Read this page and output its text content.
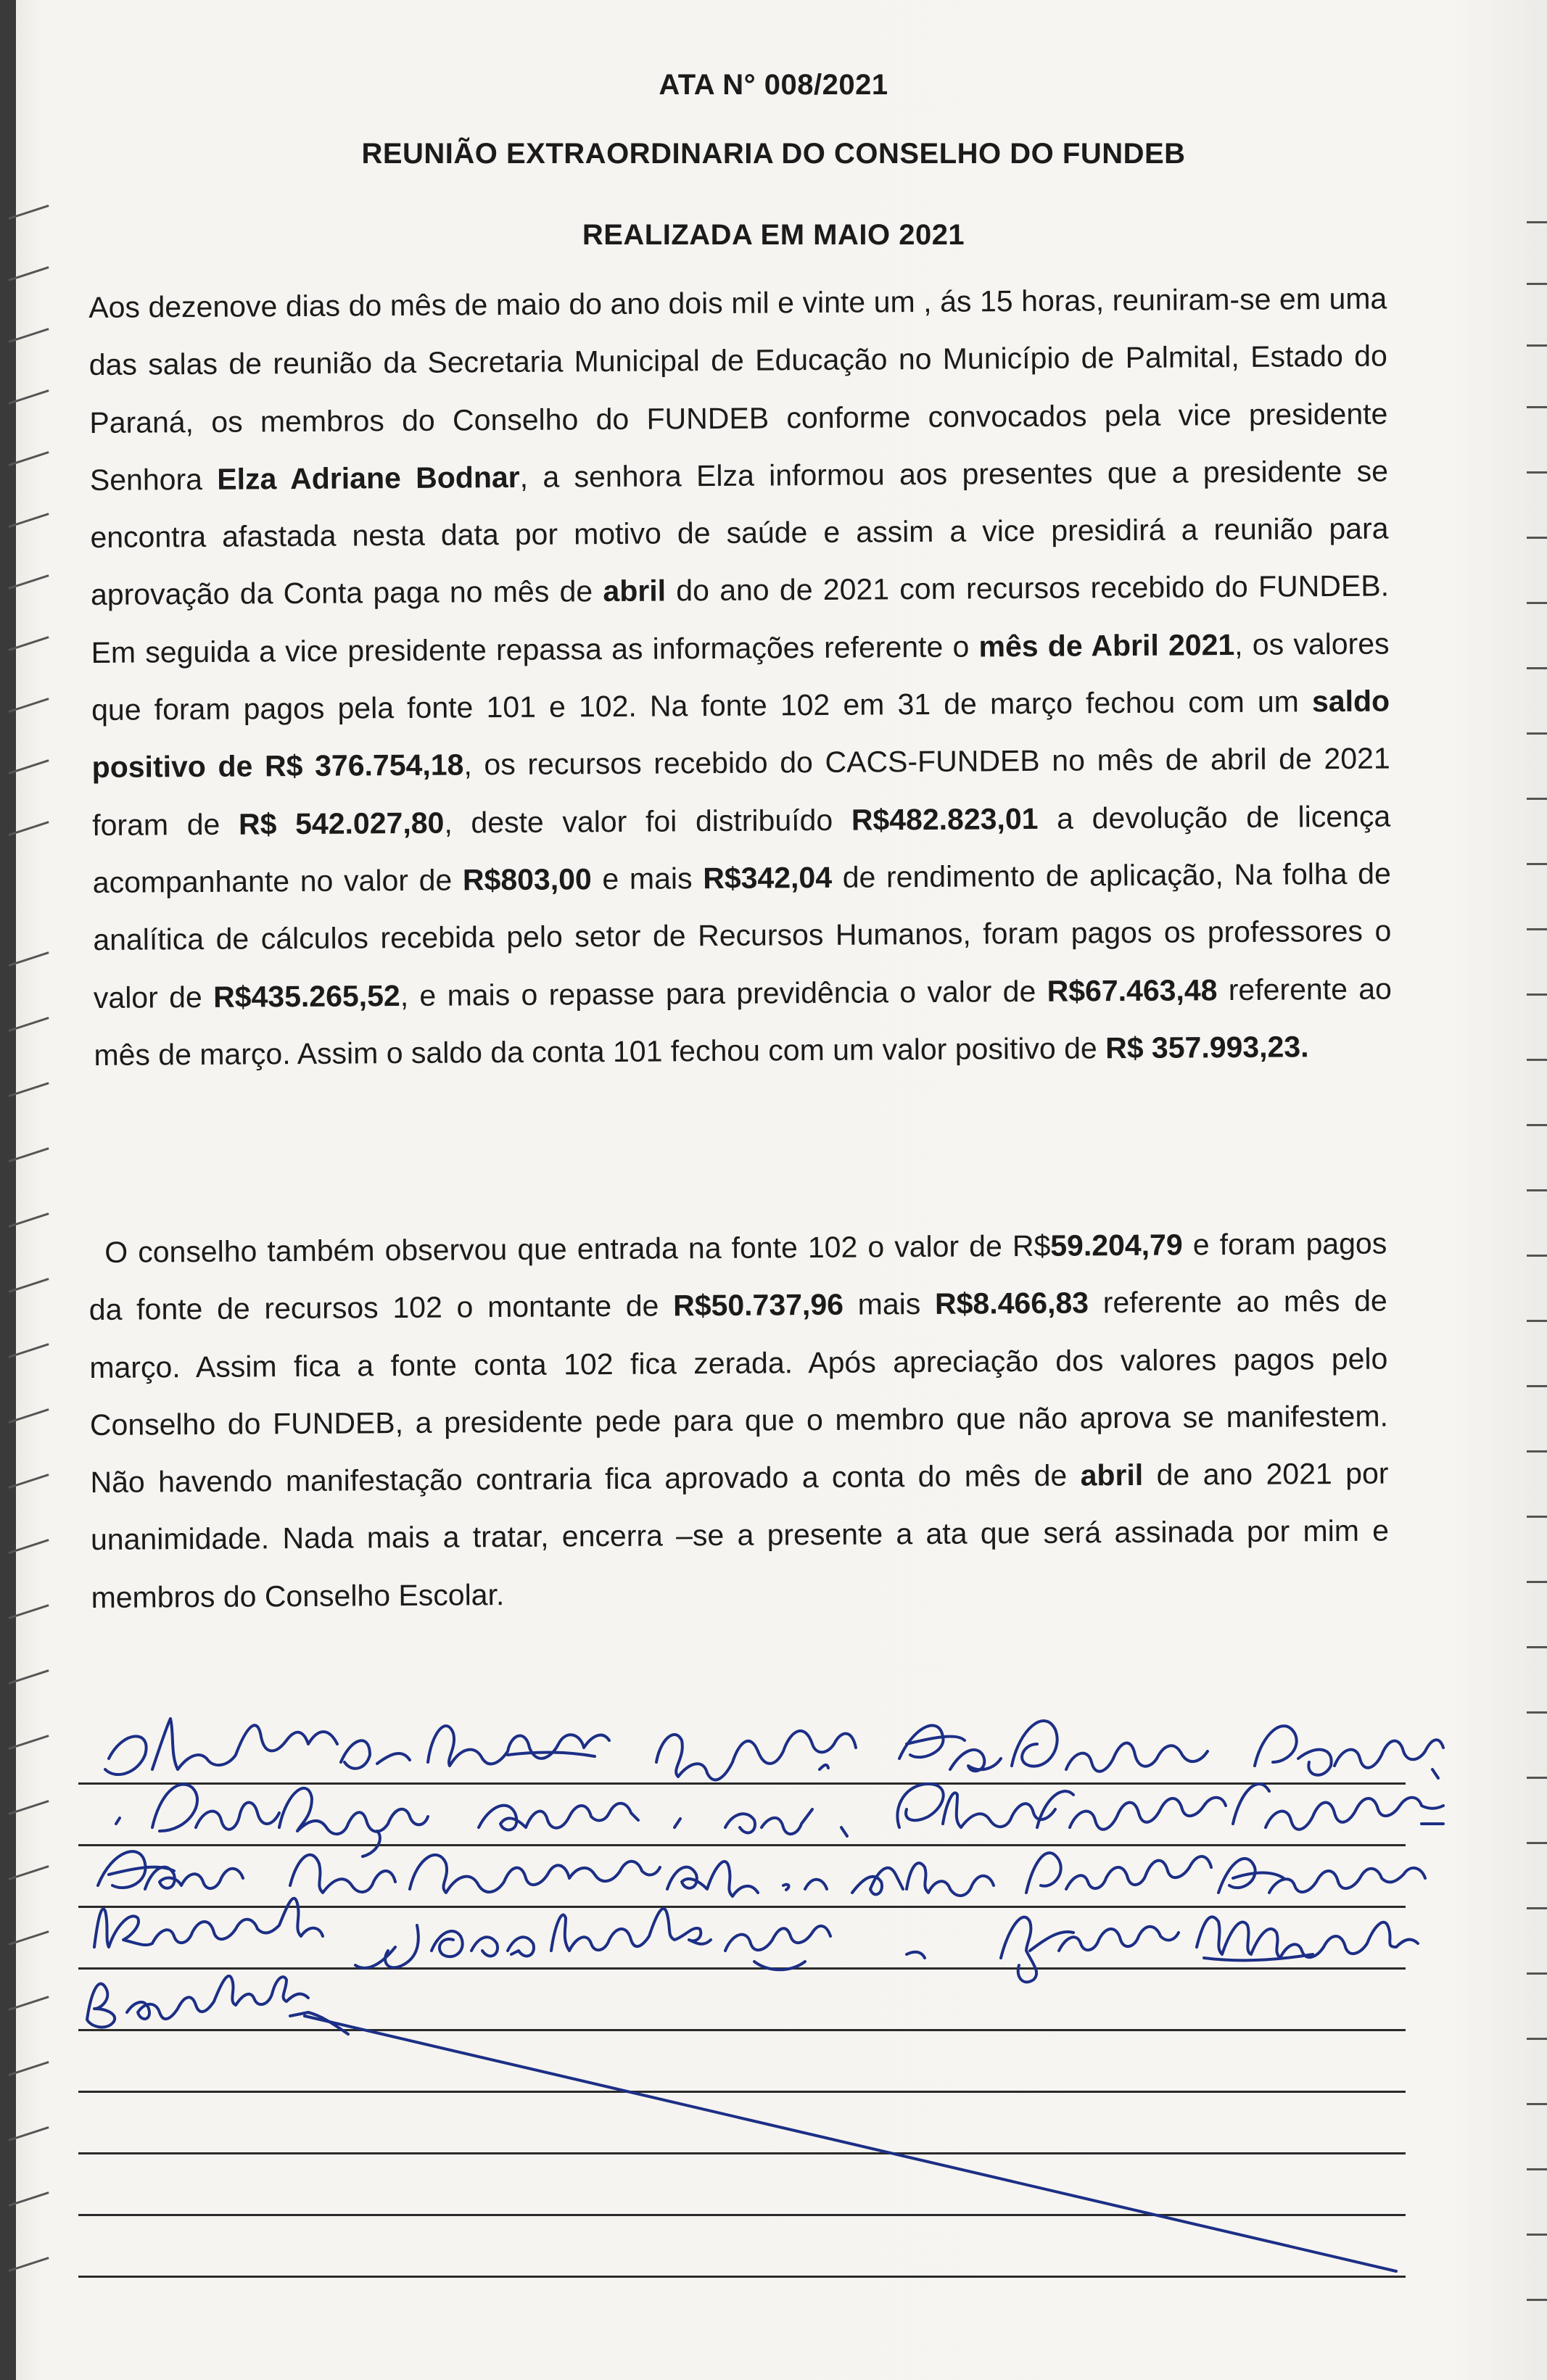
ATA N° 008/2021
REUNIÃO EXTRAORDINARIA DO CONSELHO DO FUNDEB
REALIZADA EM MAIO 2021
Aos dezenove dias do mês de maio do ano dois mil e vinte um , ás 15 horas, reuniram-se em uma das salas de reunião da Secretaria Municipal de Educação no Município de Palmital, Estado do Paraná, os membros do Conselho do FUNDEB conforme convocados pela vice presidente Senhora Elza Adriane Bodnar, a senhora Elza informou aos presentes que a presidente se encontra afastada nesta data por motivo de saúde e assim a vice presidirá a reunião para aprovação da Conta paga no mês de abril do ano de 2021 com recursos recebido do FUNDEB. Em seguida a vice presidente repassa as informações referente o mês de Abril 2021, os valores que foram pagos pela fonte 101 e 102. Na fonte 102 em 31 de março fechou com um saldo positivo de R$ 376.754,18, os recursos recebido do CACS-FUNDEB no mês de abril de 2021 foram de R$ 542.027,80, deste valor foi distribuído R$482.823,01 a devolução de licença acompanhante no valor de R$803,00 e mais R$342,04 de rendimento de aplicação, Na folha de analítica de cálculos recebida pelo setor de Recursos Humanos, foram pagos os professores o valor de R$435.265,52, e mais o repasse para previdência o valor de R$67.463,48 referente ao mês de março. Assim o saldo da conta 101 fechou com um valor positivo de R$ 357.993,23.
O conselho também observou que entrada na fonte 102 o valor de R$59.204,79 e foram pagos da fonte de recursos 102 o montante de R$50.737,96 mais R$8.466,83 referente ao mês de março. Assim fica a fonte conta 102 fica zerada. Após apreciação dos valores pagos pelo Conselho do FUNDEB, a presidente pede para que o membro que não aprova se manifestem. Não havendo manifestação contraria fica aprovado a conta do mês de abril de ano 2021 por unanimidade. Nada mais a tratar, encerra –se a presente a ata que será assinada por mim e membros do Conselho Escolar.
